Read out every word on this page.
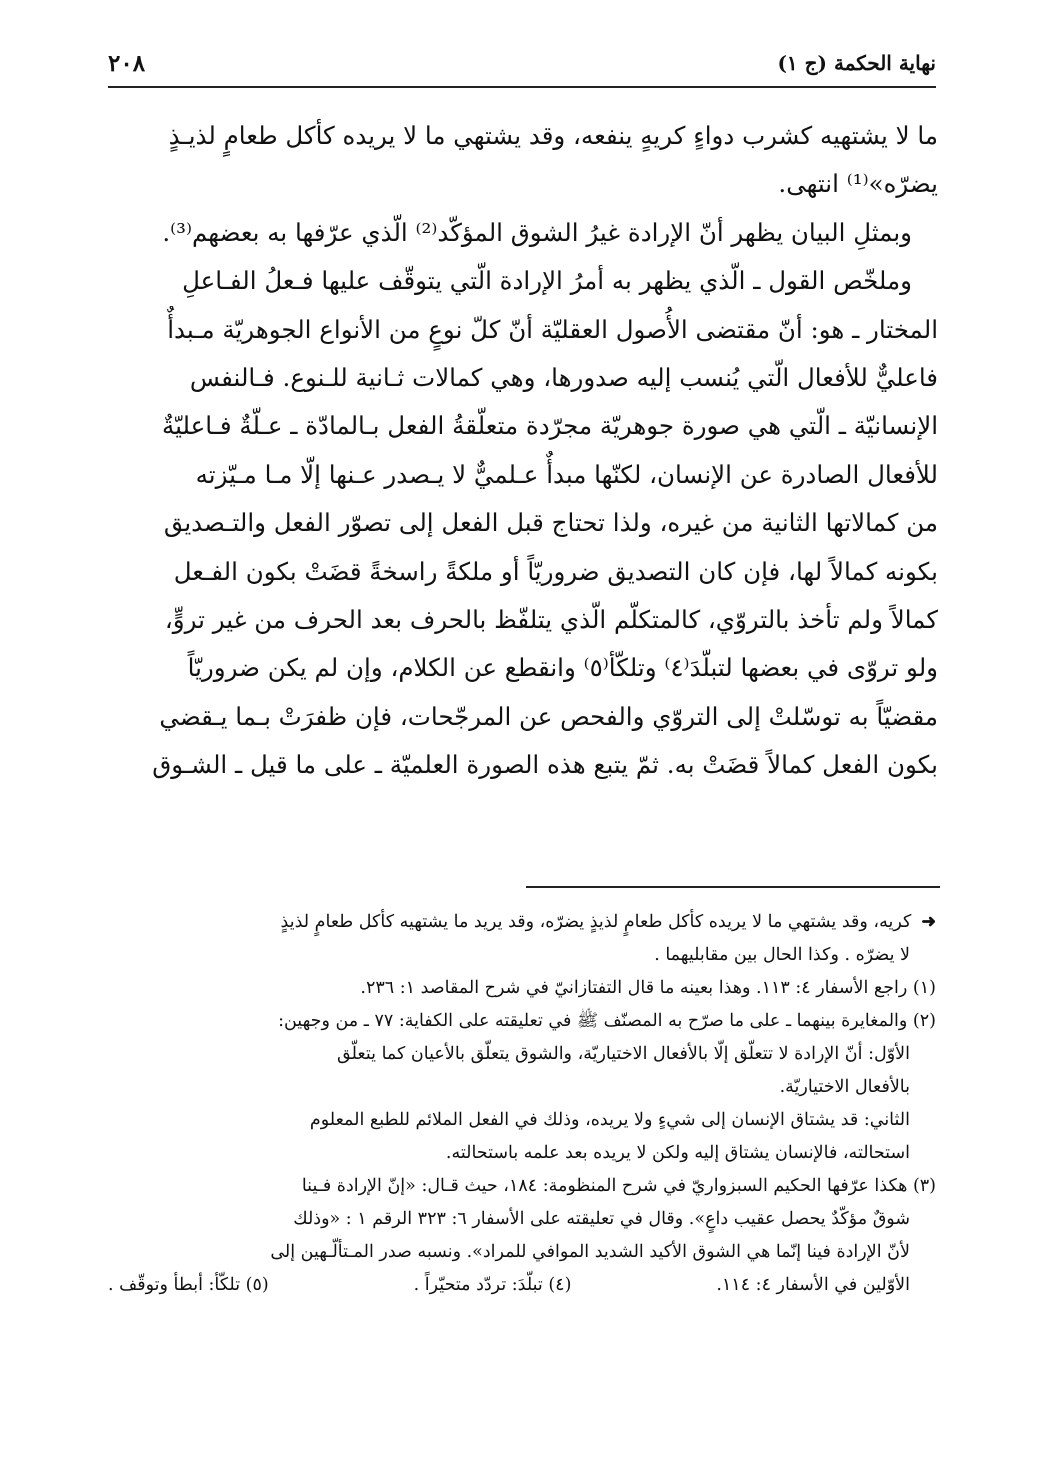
نهاية الحكمة (ج ١)
٢٠٨
ما لا يشتهيه كشرب دواءٍ كريهٍ ينفعه، وقد يشتهي ما لا يريده كأكل طعامٍ لذيـذٍ
يضرّه»⁽¹⁾ انتهى.
وبمثلِ البيان يظهر أنّ الإرادة غيرُ الشوق المؤكّد⁽²⁾ الّذي عرّفها به بعضهم⁽³⁾.
وملخّص القول ـ الّذي يظهر به أمرُ الإرادة الّتي يتوقّف عليها فـعلُ الفـاعلِ
المختار ـ هو: أنّ مقتضى الأُصول العقليّة أنّ كلّ نوعٍ من الأنواع الجوهريّة مـبدأٌ
فاعليٌّ للأفعال الّتي يُنسب إليه صدورها، وهي كمالات ثـانية للـنوع. فـالنفس
الإنسانيّة ـ الّتي هي صورة جوهريّة مجرّدة متعلّقةُ الفعل بـالمادّة ـ عـلّةٌ فـاعليّةٌ
للأفعال الصادرة عن الإنسان، لكنّها مبدأٌ عـلميٌّ لا يـصدر عـنها إلّا مـا مـيّزته
من كمالاتها الثانية من غيره، ولذا تحتاج قبل الفعل إلى تصوّر الفعل والتـصديق
بكونه كمالاً لها، فإن كان التصديق ضروريّاً أو ملكةً راسخةً قضَتْ بكون الفـعل
كمالاً ولم تأخذ بالتروّي، كالمتكلّم الّذي يتلفّظ بالحرف بعد الحرف من غير تروٍّ،
ولو تروّى في بعضها لتبلّدَ⁽٤⁾ وتلكّأ⁽٥⁾ وانقطع عن الكلام، وإن لم يكن ضروريّاً
مقضيّاً به توسّلتْ إلى التروّي والفحص عن المرجّحات، فإن ظفرَتْ بـما يـقضي
بكون الفعل كمالاً قضَتْ به. ثمّ يتبع هذه الصورة العلميّة ـ على ما قيل ـ الشـوق
➜كريه، وقد يشتهي ما لا يريده كأكل طعامٍ لذيذٍ يضرّه، وقد يريد ما يشتهيه كأكل طعامٍ لذيذٍ
لا يضرّه . وكذا الحال بين مقابليهما .
(١) راجع الأسفار ٤: ١١٣. وهذا بعينه ما قال التفتازانيّ في شرح المقاصد ١: ٢٣٦.
(٢) والمغايرة بينهما ـ على ما صرّح به المصنّف ﷺ في تعليقته على الكفاية: ٧٧ ـ من وجهين:
الأوّل: أنّ الإرادة لا تتعلّق إلّا بالأفعال الاختياريّة، والشوق يتعلّق بالأعيان كما يتعلّق
بالأفعال الاختياريّة.
الثاني: قد يشتاق الإنسان إلى شيءٍ ولا يريده، وذلك في الفعل الملائم للطبع المعلوم
استحالته، فالإنسان يشتاق إليه ولكن لا يريده بعد علمه باستحالته.
(٣) هكذا عرّفها الحكيم السبزواريّ في شرح المنظومة: ١٨٤، حيث قـال: «إنّ الإرادة فـينا
شوقٌ مؤكّدٌ يحصل عقيب داعٍ». وقال في تعليقته على الأسفار ٦: ٣٢٣ الرقم ١ : «وذلك
لأنّ الإرادة فينا إنّما هي الشوق الأكيد الشديد الموافي للمراد». ونسبه صدر المـتألّـهين إلى
الأوّلين في الأسفار ٤: ١١٤.
(٤) تبلّدَ: تردّد متحيّراً .
(٥) تلكّأ: أبطأ وتوقّف .
